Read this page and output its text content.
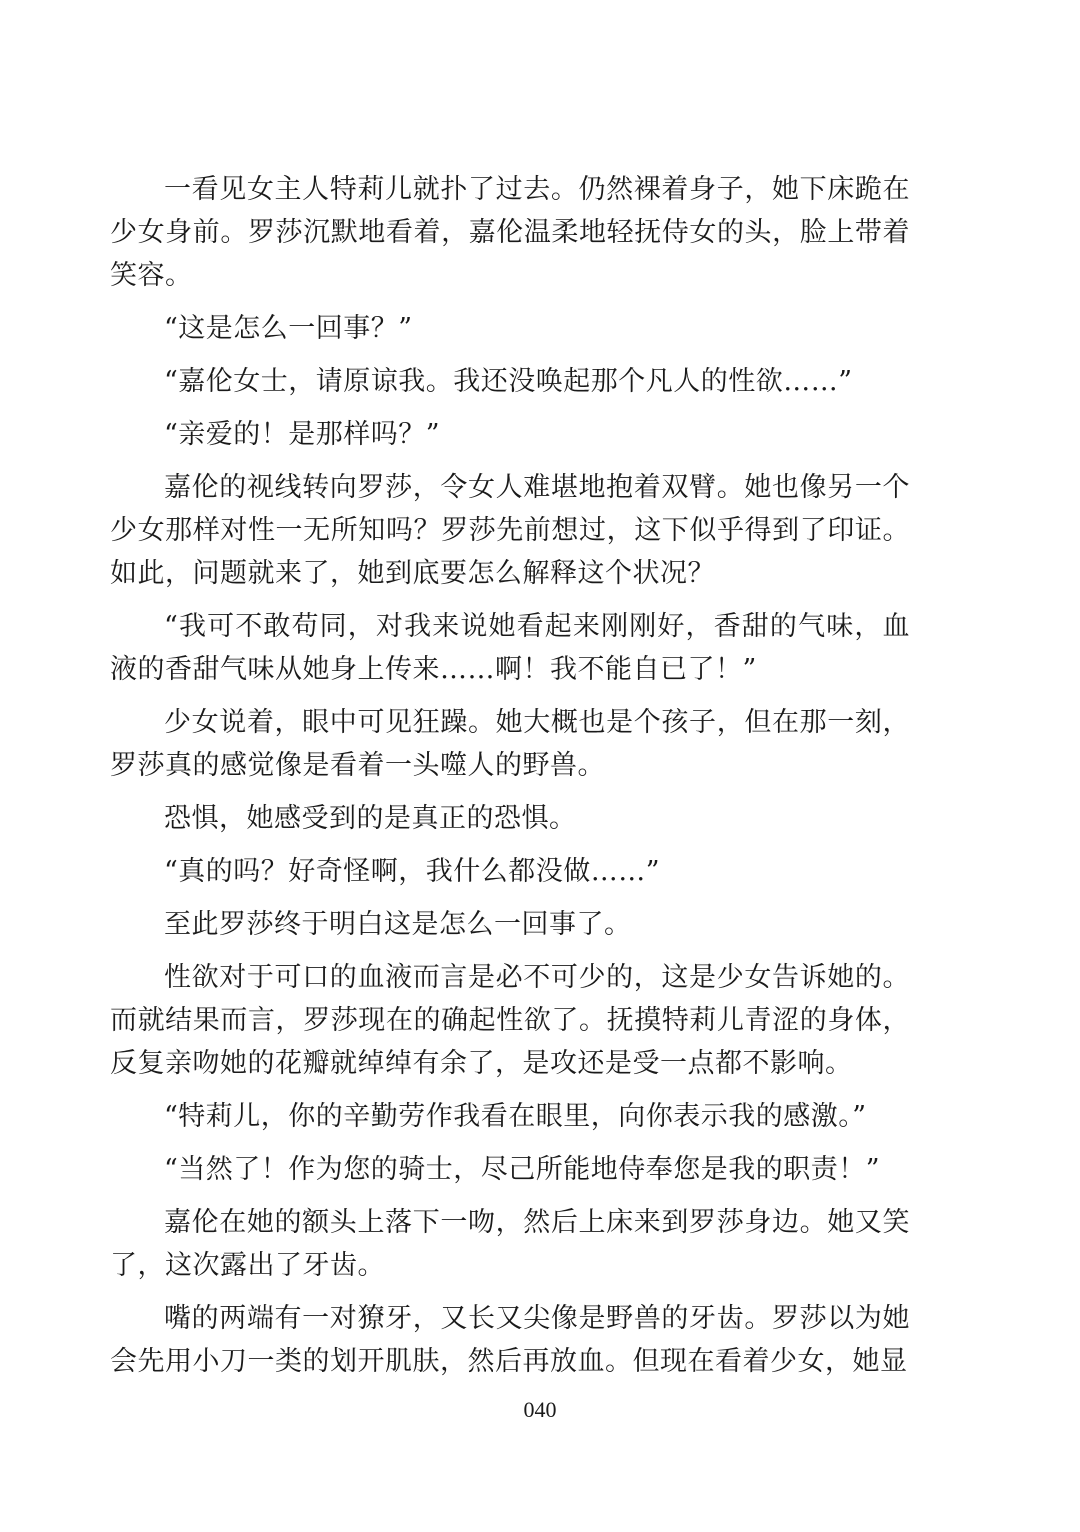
一看见女主人特莉儿就扑了过去。仍然裸着身子，她下床跪在少女身前。罗莎沉默地看着，嘉伦温柔地轻抚侍女的头，脸上带着笑容。

“这是怎么一回事？”

“嘉伦女士，请原谅我。我还没唤起那个凡人的性欲……”

“亲爱的！是那样吗？”

嘉伦的视线转向罗莎，令女人难堪地抱着双臂。她也像另一个少女那样对性一无所知吗？罗莎先前想过，这下似乎得到了印证。如此，问题就来了，她到底要怎么解释这个状况？

“我可不敢苟同，对我来说她看起来刚刚好，香甜的气味，血液的香甜气味从她身上传来……啊！我不能自已了！”

少女说着，眼中可见狂躁。她大概也是个孩子，但在那一刻，罗莎真的感觉像是看着一头噬人的野兽。

恐惧，她感受到的是真正的恐惧。

“真的吗？好奇怪啊，我什么都没做……”

至此罗莎终于明白这是怎么一回事了。

性欲对于可口的血液而言是必不可少的，这是少女告诉她的。而就结果而言，罗莎现在的确起性欲了。抚摸特莉儿青涩的身体，反复亲吻她的花瓣就绰绰有余了，是攻还是受一点都不影响。

“特莉儿，你的辛勤劳作我看在眼里，向你表示我的感激。”

“当然了！作为您的骑士，尽己所能地侍奉您是我的职责！”

嘉伦在她的额头上落下一吻，然后上床来到罗莎身边。她又笑了，这次露出了牙齿。

嘴的两端有一对獠牙，又长又尖像是野兽的牙齿。罗莎以为她会先用小刀一类的划开肌肤，然后再放血。但现在看着少女，她显

040
